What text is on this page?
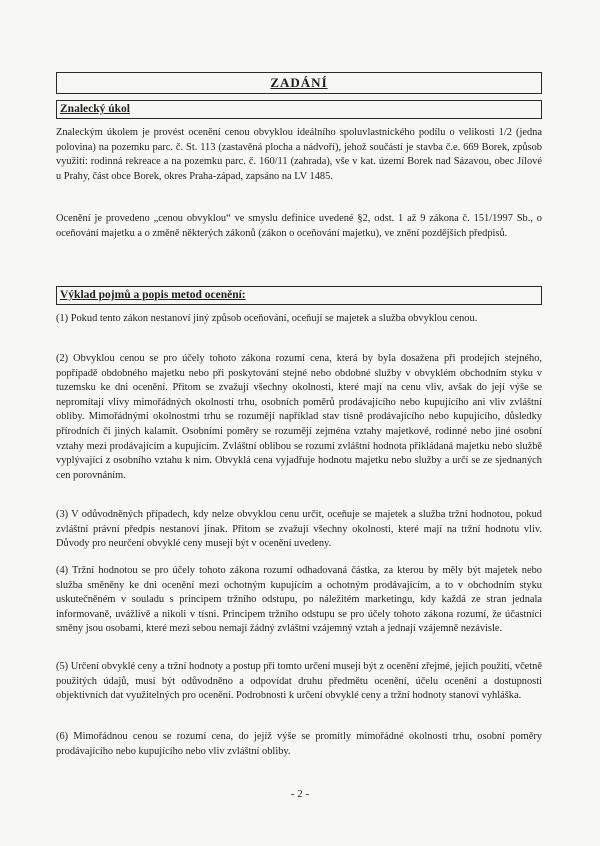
ZADÁNÍ
Znalecký úkol

Znaleckým úkolem je provést ocenění cenou obvyklou ideálního spoluvlastnického podílu o velikosti 1/2 (jedna polovina) na pozemku parc. č. St. 113 (zastavěná plocha a nádvoří), jehož součástí je stavba č.e. 669 Borek, způsob využití: rodinná rekreace a na pozemku parc. č. 160/11 (zahrada), vše v kat. území Borek nad Sázavou, obec Jílové u Prahy, část obce Borek, okres Praha-západ, zapsáno na LV 1485.

Ocenění je provedeno „cenou obvyklou“ ve smyslu definice uvedené §2, odst. 1 až 9 zákona č. 151/1997 Sb., o oceňování majetku a o změně některých zákonů (zákon o oceňování majetku), ve znění pozdějších předpisů.

Výklad pojmů a popis metod ocenění:

(1) Pokud tento zákon nestanoví jiný způsob oceňování, oceňují se majetek a služba obvyklou cenou.

(2) Obvyklou cenou se pro účely tohoto zákona rozumí cena, která by byla dosažena při prodejích stejného, popřípadě obdobného majetku nebo při poskytování stejné nebo obdobné služby v obvyklém obchodním styku v tuzemsku ke dni ocenění. Přitom se zvažují všechny okolnosti, které mají na cenu vliv, avšak do její výše se nepromítají vlivy mimořádných okolností trhu, osobních poměrů prodávajícího nebo kupujícího ani vliv zvláštní obliby. Mimořádnými okolnostmi trhu se rozumějí například stav tísně prodávajícího nebo kupujícího, důsledky přírodních či jiných kalamit. Osobními poměry se rozumějí zejména vztahy majetkové, rodinné nebo jiné osobní vztahy mezi prodávajícím a kupujícím. Zvláštní oblibou se rozumí zvláštní hodnota přikládaná majetku nebo službě vyplývající z osobního vztahu k nim. Obvyklá cena vyjadřuje hodnotu majetku nebo služby a určí se ze sjednaných cen porovnáním.

(3) V odůvodněných případech, kdy nelze obvyklou cenu určit, oceňuje se majetek a služba tržní hodnotou, pokud zvláštní právní předpis nestanoví jinak. Přitom se zvažují všechny okolnosti, které mají na tržní hodnotu vliv. Důvody pro neurčení obvyklé ceny musejí být v ocenění uvedeny.

(4) Tržní hodnotou se pro účely tohoto zákona rozumí odhadovaná částka, za kterou by měly být majetek nebo služba směněny ke dni ocenění mezi ochotným kupujícím a ochotným prodávajícím, a to v obchodním styku uskutečněném v souladu s principem tržního odstupu, po náležitém marketingu, kdy každá ze stran jednala informovaně, uvážlivě a nikoli v tísni. Principem tržního odstupu se pro účely tohoto zákona rozumí, že účastníci směny jsou osobami, které mezi sebou nemají žádný zvláštní vzájemný vztah a jednají vzájemně nezávisle.

(5) Určení obvyklé ceny a tržní hodnoty a postup při tomto určení musejí být z ocenění zřejmé, jejich použití, včetně použitých údajů, musí být odůvodněno a odpovídat druhu předmětu ocenění, účelu ocenění a dostupnosti objektivních dat využitelných pro ocenění. Podrobnosti k určení obvyklé ceny a tržní hodnoty stanoví vyhláška.

(6) Mimořádnou cenou se rozumí cena, do jejíž výše se promítly mimořádné okolnosti trhu, osobní poměry prodávajícího nebo kupujícího nebo vliv zvláštní obliby.

- 2 -
